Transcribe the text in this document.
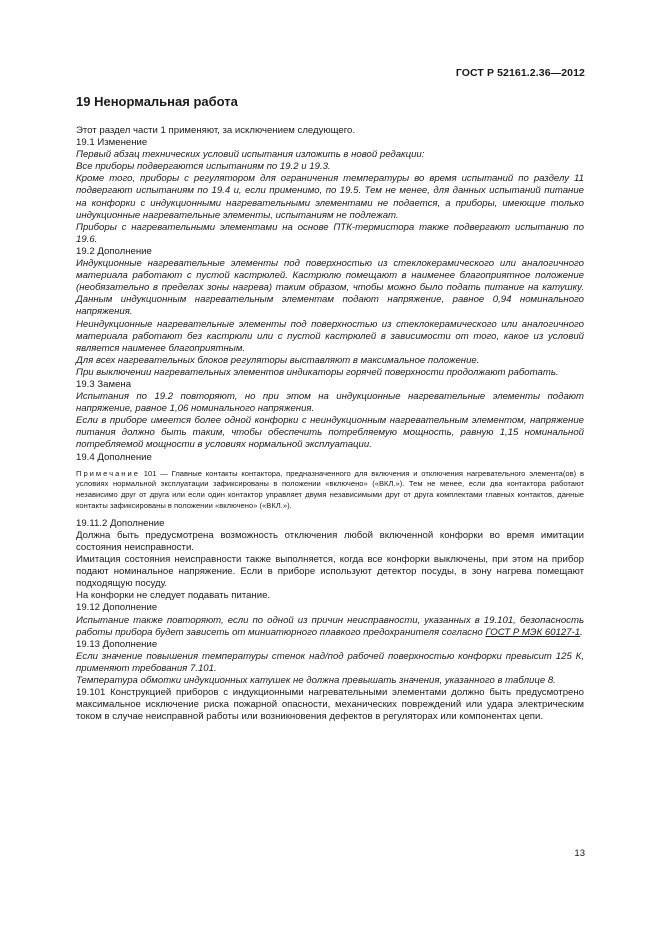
ГОСТ Р 52161.2.36—2012
19 Ненормальная работа

Этот раздел части 1 применяют, за исключением следующего.

19.1 Изменение

Первый абзац технических условий испытания изложить в новой редакции:

Все приборы подвергаются испытаниям по 19.2 и 19.3.

Кроме того, приборы с регулятором для ограничения температуры во время испытаний по разделу 11 подвергают испытаниям по 19.4 и, если применимо, по 19.5. Тем не менее, для данных испытаний питание на конфорки с индукционными нагревательными элементами не подается, а приборы, имеющие только индукционные нагревательные элементы, испытаниям не подлежат.

Приборы с нагревательными элементами на основе ПТК-термистора также подвергают испытанию по 19.6.

19.2 Дополнение

Индукционные нагревательные элементы под поверхностью из стеклокерамического или аналогичного материала работают с пустой кастрюлей. Кастрюлю помещают в наименее благоприятное положение (необязательно в пределах зоны нагрева) таким образом, чтобы можно было подать питание на катушку. Данным индукционным нагревательным элементам подают напряжение, равное 0,94 номинального напряжения.

Неиндукционные нагревательные элементы под поверхностью из стеклокерамического или аналогичного материала работают без кастрюли или с пустой кастрюлей в зависимости от того, какое из условий является наименее благоприятным.

Для всех нагревательных блоков регуляторы выставляют в максимальное положение.

При выключении нагревательных элементов индикаторы горячей поверхности продолжают работать.

19.3 Замена

Испытания по 19.2 повторяют, но при этом на индукционные нагревательные элементы подают напряжение, равное 1,06 номинального напряжения.

Если в приборе имеется более одной конфорки с неиндукционным нагревательным элементом, напряжение питания должно быть таким, чтобы обеспечить потребляемую мощность, равную 1,15 номинальной потребляемой мощности в условиях нормальной эксплуатации.

19.4 Дополнение

Примечание 101 — Главные контакты контактора, предназначенного для включения и отключения нагревательного элемента(ов) в условиях нормальной эксплуатации зафиксированы в положении «включено» («ВКЛ.»). Тем не менее, если два контактора работают независимо друг от друга или если один контактор управляет двумя независимыми друг от друга комплектами главных контактов, данные контакты зафиксированы в положении «включено» («ВКЛ.»).

19.11.2 Дополнение

Должна быть предусмотрена возможность отключения любой включенной конфорки во время имитации состояния неисправности.

Имитация состояния неисправности также выполняется, когда все конфорки выключены, при этом на прибор подают номинальное напряжение. Если в приборе используют детектор посуды, в зону нагрева помещают подходящую посуду.

На конфорки не следует подавать питание.

19.12 Дополнение

Испытание также повторяют, если по одной из причин неисправности, указанных в 19.101, безопасность работы прибора будет зависеть от миниатюрного плавкого предохранителя согласно ГОСТ Р МЭК 60127-1.

19.13 Дополнение

Если значение повышения температуры стенок над/под рабочей поверхностью конфорки превысит 125 К, применяют требования 7.101.

Температура обмотки индукционных катушек не должна превышать значения, указанного в таблице 8.

19.101 Конструкцией приборов с индукционными нагревательными элементами должно быть предусмотрено максимальное исключение риска пожарной опасности, механических повреждений или удара электрическим током в случае неисправной работы или возникновения дефектов в регуляторах или компонентах цепи.

13
